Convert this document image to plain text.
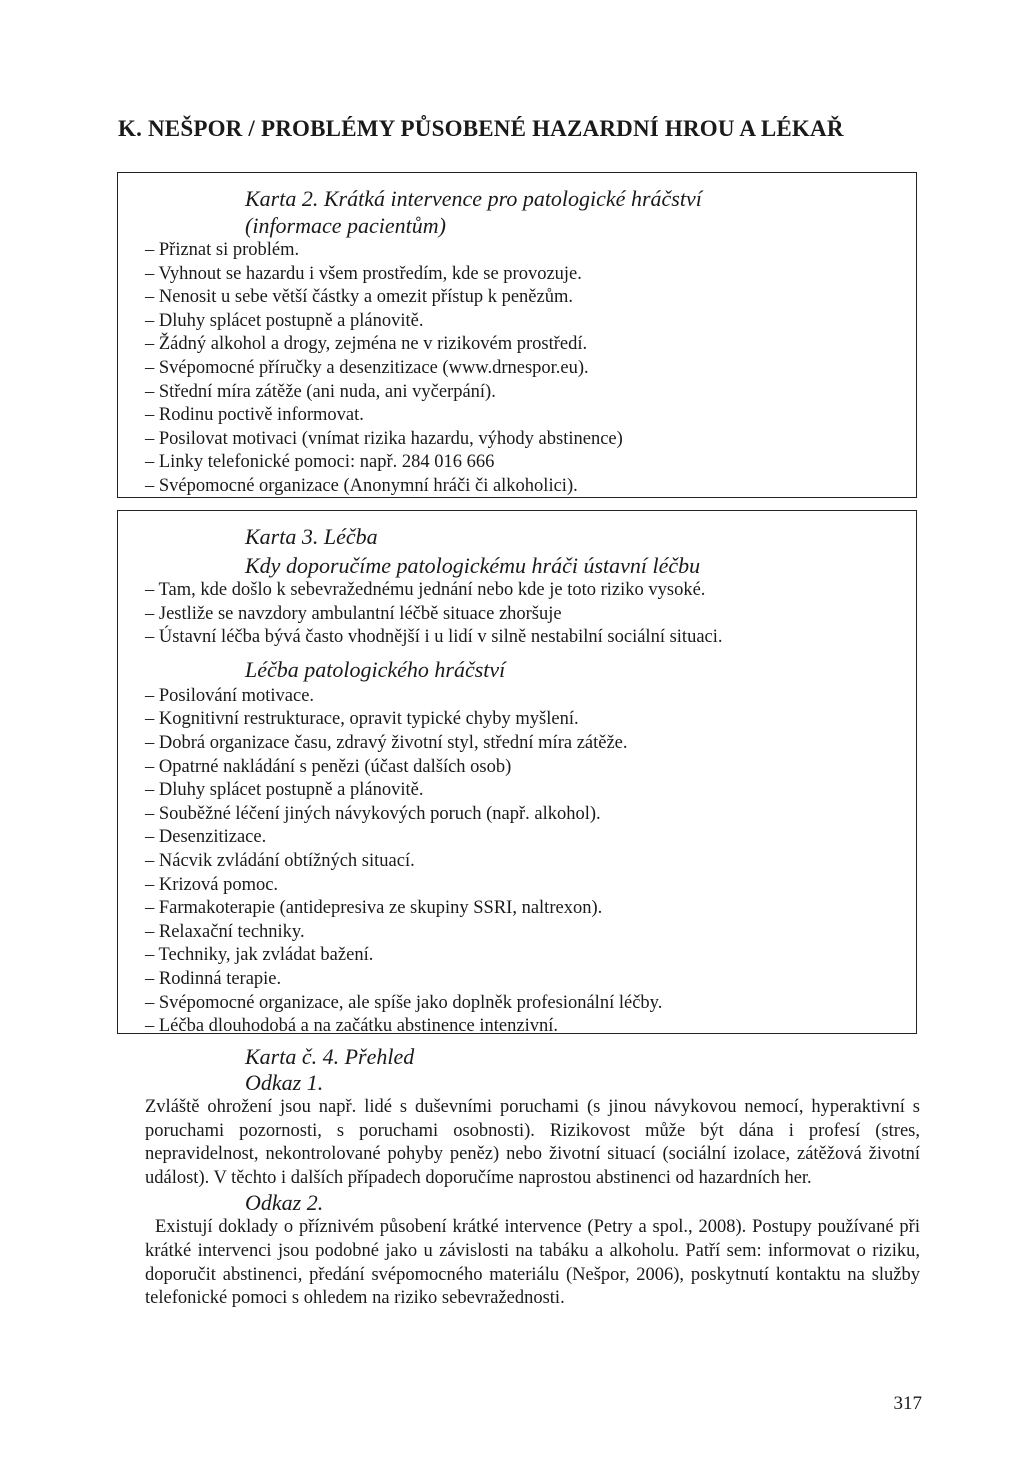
K. NEŠPOR / PROBLÉMY PŮSOBENÉ HAZARDNÍ HROU A LÉKAŘ

Karta 2. Krátká intervence pro patologické hráčství

(informace pacientům)

– Přiznat si problém.
– Vyhnout se hazardu i všem prostředím, kde se provozuje.
– Nenosit u sebe větší částky a omezit přístup k penězům.
– Dluhy splácet postupně a plánovitě.
– Žádný alkohol a drogy, zejména ne v rizikovém prostředí.
– Svépomocné příručky a desenzitizace (www.drnespor.eu).
– Střední míra zátěže (ani nuda, ani vyčerpání).
– Rodinu poctivě informovat.
– Posilovat motivaci (vnímat rizika hazardu, výhody abstinence)
– Linky telefonické pomoci: např. 284 016 666
– Svépomocné organizace (Anonymní hráči či alkoholici).

Karta 3. Léčba

Kdy doporučíme patologickému hráči ústavní léčbu

– Tam, kde došlo k sebevražednému jednání nebo kde je toto riziko vysoké.
– Jestliže se navzdory ambulantní léčbě situace zhoršuje
– Ústavní léčba bývá často vhodnější i u lidí v silně nestabilní sociální situaci.

Léčba patologického hráčství

– Posilování motivace.
– Kognitivní restrukturace, opravit typické chyby myšlení.
– Dobrá organizace času, zdravý životní styl, střední míra zátěže.
– Opatrné nakládání s penězi (účast dalších osob)
– Dluhy splácet postupně a plánovitě.
– Souběžné léčení jiných návykových poruch (např. alkohol).
– Desenzitizace.
– Nácvik zvládání obtížných situací.
– Krizová pomoc.
– Farmakoterapie (antidepresiva ze skupiny SSRI, naltrexon).
– Relaxační techniky.
– Techniky, jak zvládat bažení.
– Rodinná terapie.
– Svépomocné organizace, ale spíše jako doplněk profesionální léčby.
– Léčba dlouhodobá a na začátku abstinence intenzivní.
Karta č. 4. Přehled
Odkaz 1.

Zvláště ohrožení jsou např. lidé s duševními poruchami (s jinou návykovou nemocí, hyperaktivní s poruchami pozornosti, s poruchami osobnosti). Rizikovost může být dána i profesí (stres, nepravidelnost, nekontrolované pohyby peněz) nebo životní situací (sociální izolace, zátěžová životní událost). V těchto i dalších případech doporučíme naprostou abstinenci od hazardních her.

Odkaz 2.

Existují doklady o příznivém působení krátké intervence (Petry a spol., 2008). Postupy používané při krátké intervenci jsou podobné jako u závislosti na tabáku a alkoholu. Patří sem: informovat o riziku, doporučit abstinenci, předání svépomocného materiálu (Nešpor, 2006), poskytnutí kontaktu na služby telefonické pomoci s ohledem na riziko sebevražednosti.

317
